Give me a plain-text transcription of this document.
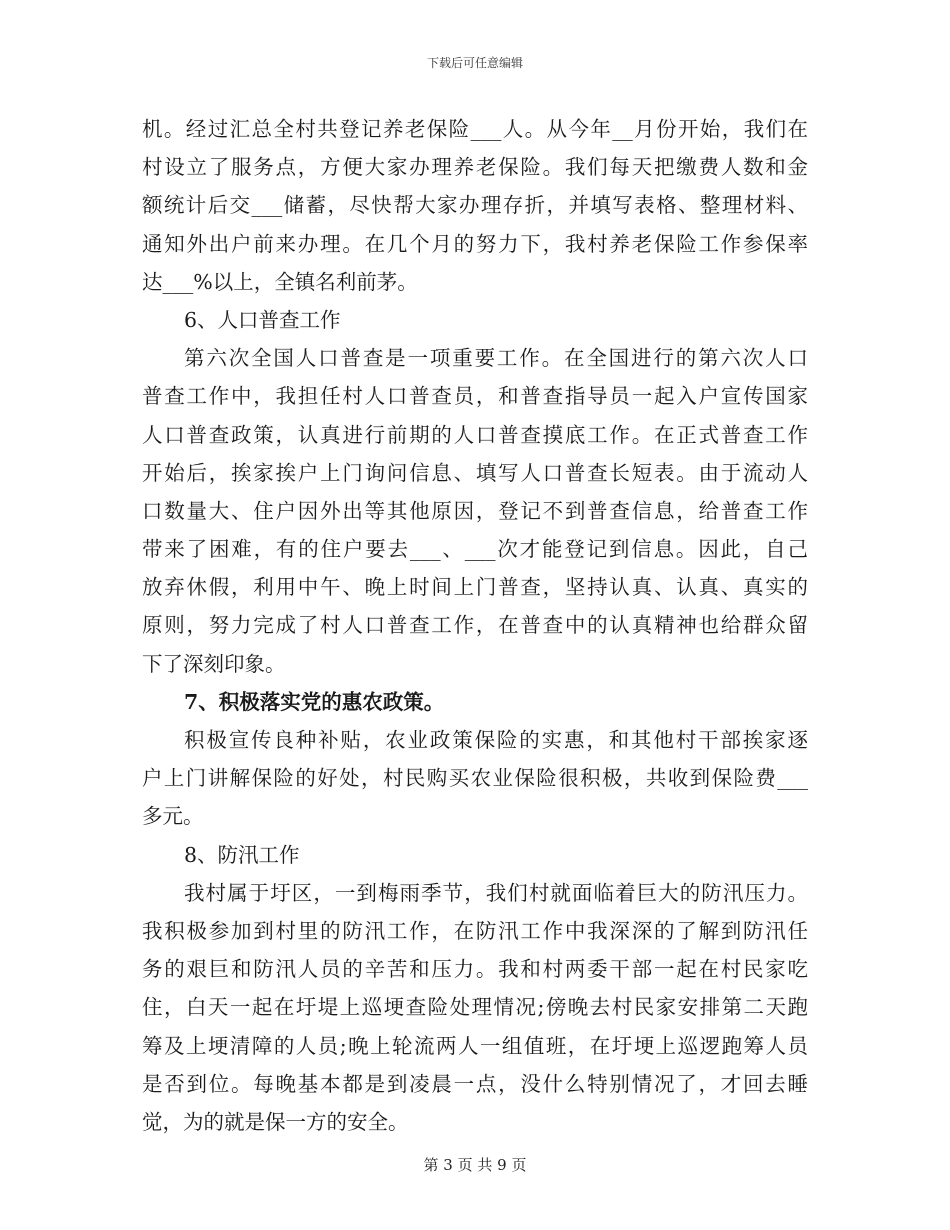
下载后可任意编辑
机。经过汇总全村共登记养老保险___人。从今年__月份开始，我们在
村设立了服务点，方便大家办理养老保险。我们每天把缴费人数和金
额统计后交___储蓄，尽快帮大家办理存折，并填写表格、整理材料、
通知外出户前来办理。在几个月的努力下，我村养老保险工作参保率
达___%以上，全镇名利前茅。
6、人口普查工作
第六次全国人口普查是一项重要工作。在全国进行的第六次人口
普查工作中，我担任村人口普查员，和普查指导员一起入户宣传国家
人口普查政策，认真进行前期的人口普查摸底工作。在正式普查工作
开始后，挨家挨户上门询问信息、填写人口普查长短表。由于流动人
口数量大、住户因外出等其他原因，登记不到普查信息，给普查工作
带来了困难，有的住户要去___、___次才能登记到信息。因此，自己
放弃休假，利用中午、晚上时间上门普查，坚持认真、认真、真实的
原则，努力完成了村人口普查工作，在普查中的认真精神也给群众留
下了深刻印象。
7、积极落实党的惠农政策。
积极宣传良种补贴，农业政策保险的实惠，和其他村干部挨家逐
户上门讲解保险的好处，村民购买农业保险很积极，共收到保险费___
多元。
8、防汛工作
我村属于圩区，一到梅雨季节，我们村就面临着巨大的防汛压力。
我积极参加到村里的防汛工作，在防汛工作中我深深的了解到防汛任
务的艰巨和防汛人员的辛苦和压力。我和村两委干部一起在村民家吃
住，白天一起在圩堤上巡埂查险处理情况;傍晚去村民家安排第二天跑
筹及上埂清障的人员;晚上轮流两人一组值班，在圩埂上巡逻跑筹人员
是否到位。每晚基本都是到凌晨一点，没什么特别情况了，才回去睡
觉，为的就是保一方的安全。
第 3 页 共 9 页
